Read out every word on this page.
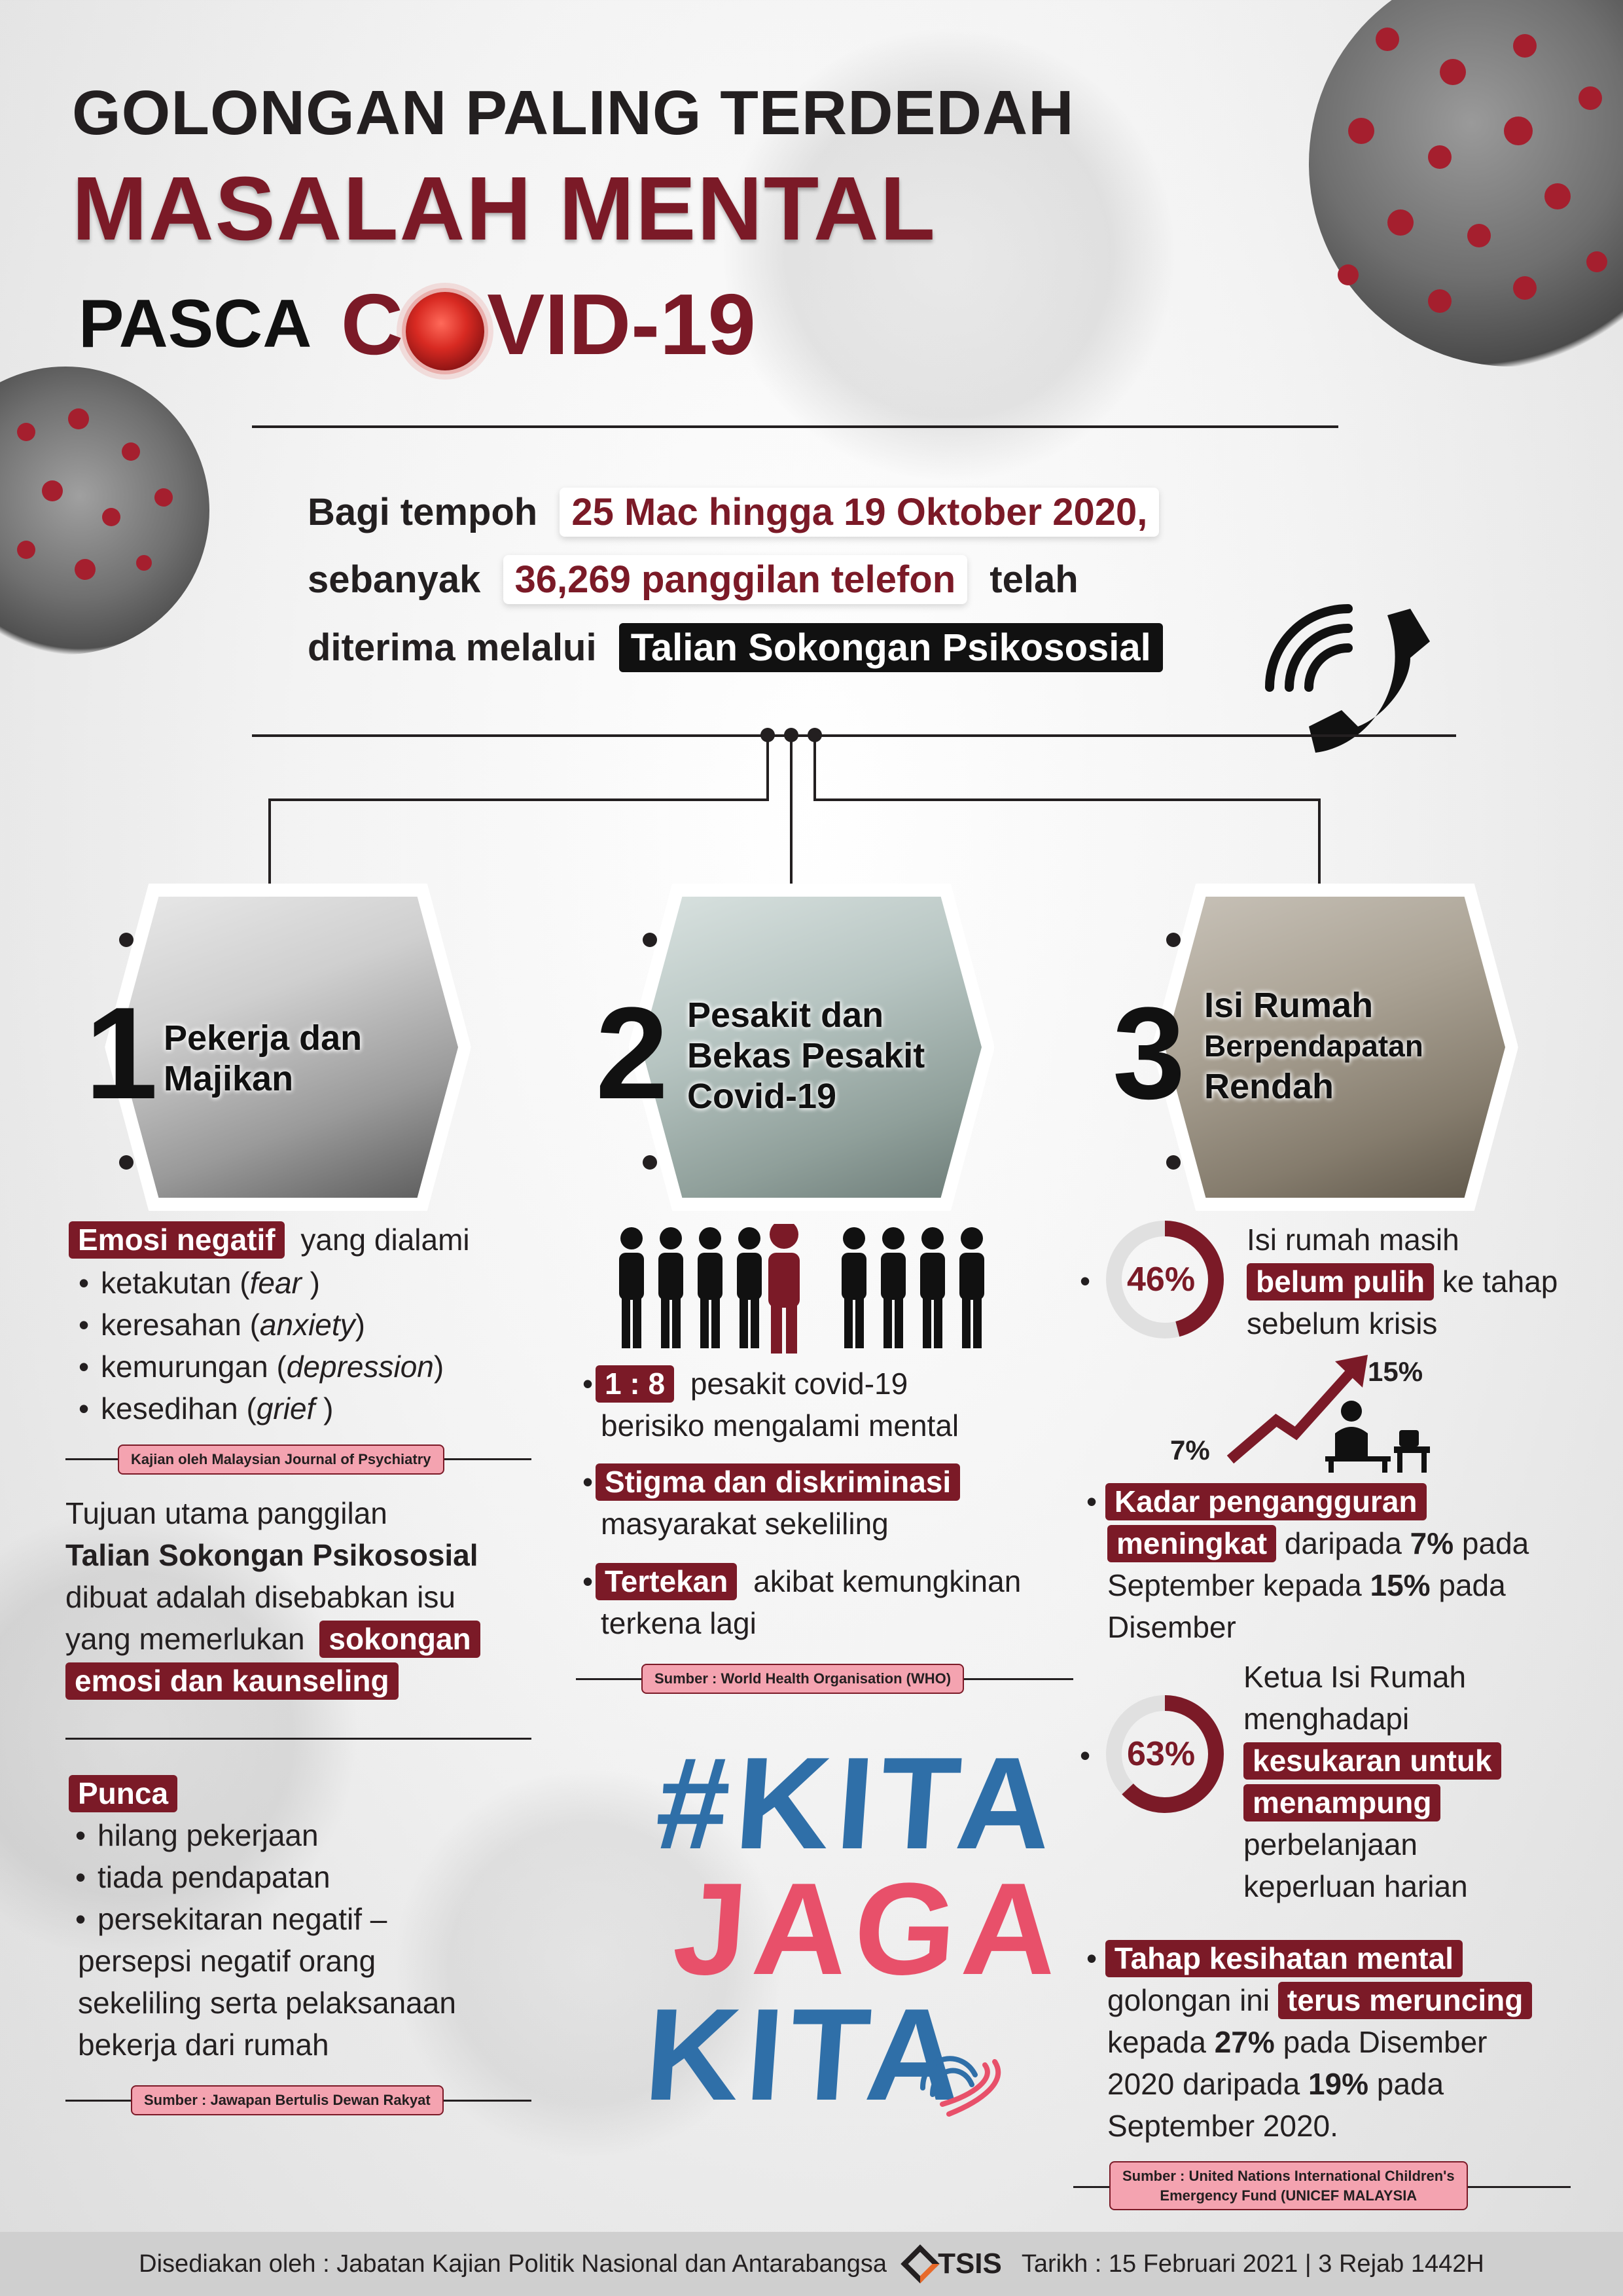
GOLONGAN PALING TERDEDAH
MASALAH MENTAL
PASCA C VID-19
Bagi tempoh 25 Mac hingga 19 Oktober 2020,
sebanyak 36,269 panggilan telefon telah
diterima melalui Talian Sokongan Psikososial
1 Pekerja dan
Majikan	2 Pesakit dan
Bekas Pesakit
Covid-19	3 Isi Rumah
Berpendapatan
Rendah
Emosi negatif yang dialami
• ketakutan (fear )
• keresahan (anxiety)
• kemurungan (depression)
• kesedihan (grief )
Kajian oleh Malaysian Journal of Psychiatry
Tujuan utama panggilan
Talian Sokongan Psikososial
dibuat adalah disebabkan isu
yang memerlukan sokongan
emosi dan kaunseling
Punca
• hilang pekerjaan
• tiada pendapatan
• persekitaran negatif –
persepsi negatif orang
sekeliling serta pelaksanaan
bekerja dari rumah
Sumber : Jawapan Bertulis Dewan Rakyat
• 1 : 8 pesakit covid-19
berisiko mengalami mental
• Stigma dan diskriminasi
masyarakat sekeliling
• Tertekan akibat kemungkinan
terkena lagi
Sumber : World Health Organisation (WHO)
#KITA
JAGA
KITA
46%
•
Isi rumah masih
belum pulih ke tahap
sebelum krisis
7%
15%
• Kadar pengangguran
meningkat daripada 7% pada
September kepada 15% pada
Disember
63%
•
Ketua Isi Rumah
menghadapi
kesukaran untuk
menampung
perbelanjaan
keperluan harian
• Tahap kesihatan mental
golongan ini terus meruncing
kepada 27% pada Disember
2020 daripada 19% pada
September 2020.
Sumber : United Nations International Children's
Emergency Fund (UNICEF MALAYSIA
Disediakan oleh : Jabatan Kajian Politik Nasional dan Antarabangsa TSIS Tarikh : 15 Februari 2021 | 3 Rejab 1442H
